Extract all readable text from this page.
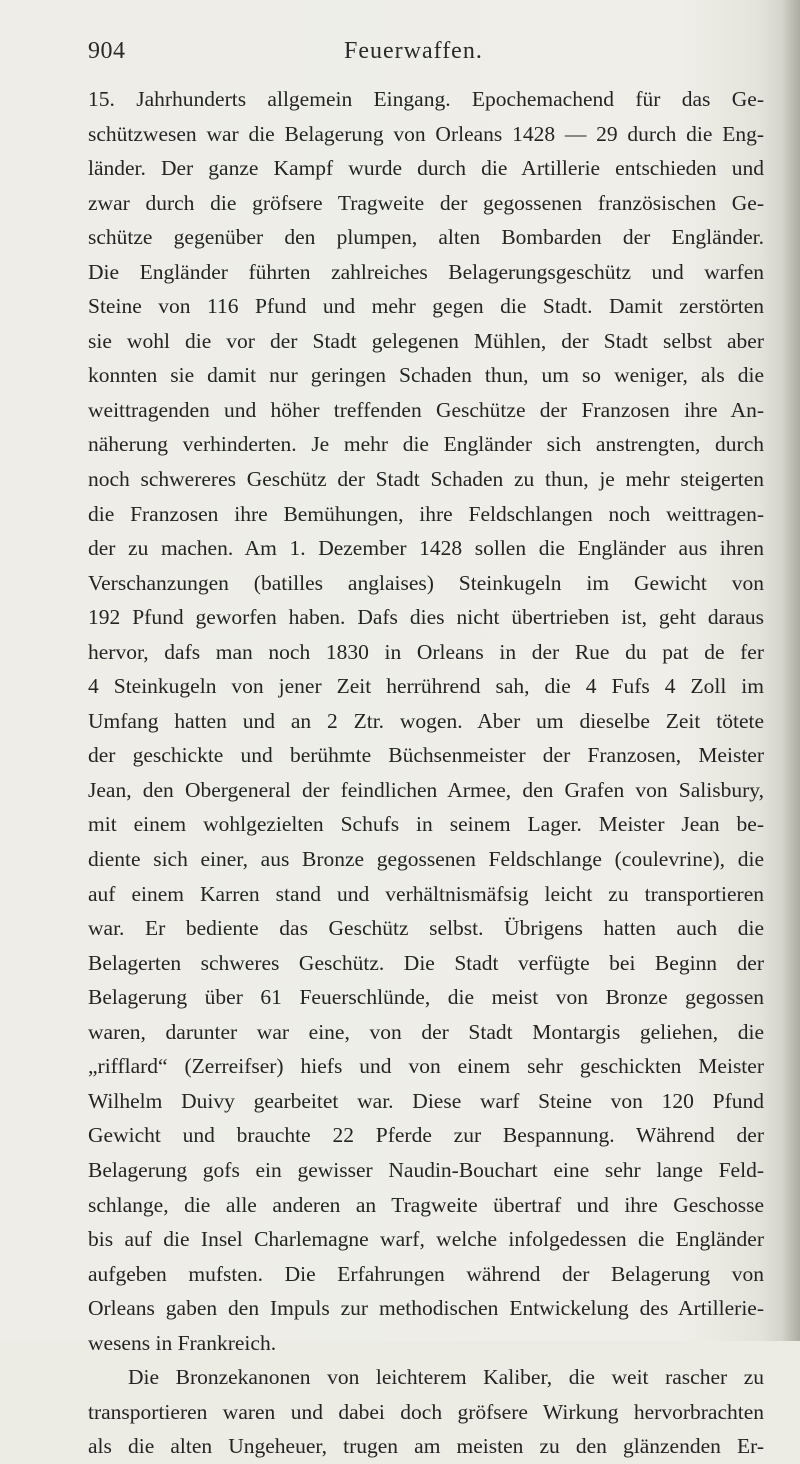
904	Feuerwaffen.
15. Jahrhunderts allgemein Eingang. Epochemachend für das Ge-
schützwesen war die Belagerung von Orleans 1428 — 29 durch die Eng-
länder. Der ganze Kampf wurde durch die Artillerie entschieden und
zwar durch die gröfsere Tragweite der gegossenen französischen Ge-
schütze gegenüber den plumpen, alten Bombarden der Engländer.
Die Engländer führten zahlreiches Belagerungsgeschütz und warfen
Steine von 116 Pfund und mehr gegen die Stadt. Damit zerstörten
sie wohl die vor der Stadt gelegenen Mühlen, der Stadt selbst aber
konnten sie damit nur geringen Schaden thun, um so weniger, als die
weittragenden und höher treffenden Geschütze der Franzosen ihre An-
näherung verhinderten. Je mehr die Engländer sich anstrengten, durch
noch schwereres Geschütz der Stadt Schaden zu thun, je mehr steigerten
die Franzosen ihre Bemühungen, ihre Feldschlangen noch weittragen-
der zu machen. Am 1. Dezember 1428 sollen die Engländer aus ihren
Verschanzungen (batilles anglaises) Steinkugeln im Gewicht von
192 Pfund geworfen haben. Dafs dies nicht übertrieben ist, geht daraus
hervor, dafs man noch 1830 in Orleans in der Rue du pat de fer
4 Steinkugeln von jener Zeit herrührend sah, die 4 Fufs 4 Zoll im
Umfang hatten und an 2 Ztr. wogen. Aber um dieselbe Zeit tötete
der geschickte und berühmte Büchsenmeister der Franzosen, Meister
Jean, den Obergeneral der feindlichen Armee, den Grafen von Salisbury,
mit einem wohlgezielten Schufs in seinem Lager. Meister Jean be-
diente sich einer, aus Bronze gegossenen Feldschlange (coulevrine), die
auf einem Karren stand und verhältnismäfsig leicht zu transportieren
war. Er bediente das Geschütz selbst. Übrigens hatten auch die
Belagerten schweres Geschütz. Die Stadt verfügte bei Beginn der
Belagerung über 61 Feuerschlünde, die meist von Bronze gegossen
waren, darunter war eine, von der Stadt Montargis geliehen, die
„rifflard“ (Zerreifser) hiefs und von einem sehr geschickten Meister
Wilhelm Duivy gearbeitet war. Diese warf Steine von 120 Pfund
Gewicht und brauchte 22 Pferde zur Bespannung. Während der
Belagerung gofs ein gewisser Naudin-Bouchart eine sehr lange Feld-
schlange, die alle anderen an Tragweite übertraf und ihre Geschosse
bis auf die Insel Charlemagne warf, welche infolgedessen die Engländer
aufgeben mufsten. Die Erfahrungen während der Belagerung von
Orleans gaben den Impuls zur methodischen Entwickelung des Artillerie-
wesens in Frankreich.
Die Bronzekanonen von leichterem Kaliber, die weit rascher zu
transportieren waren und dabei doch gröfsere Wirkung hervorbrachten
als die alten Ungeheuer, trugen am meisten zu den glänzenden Er-
